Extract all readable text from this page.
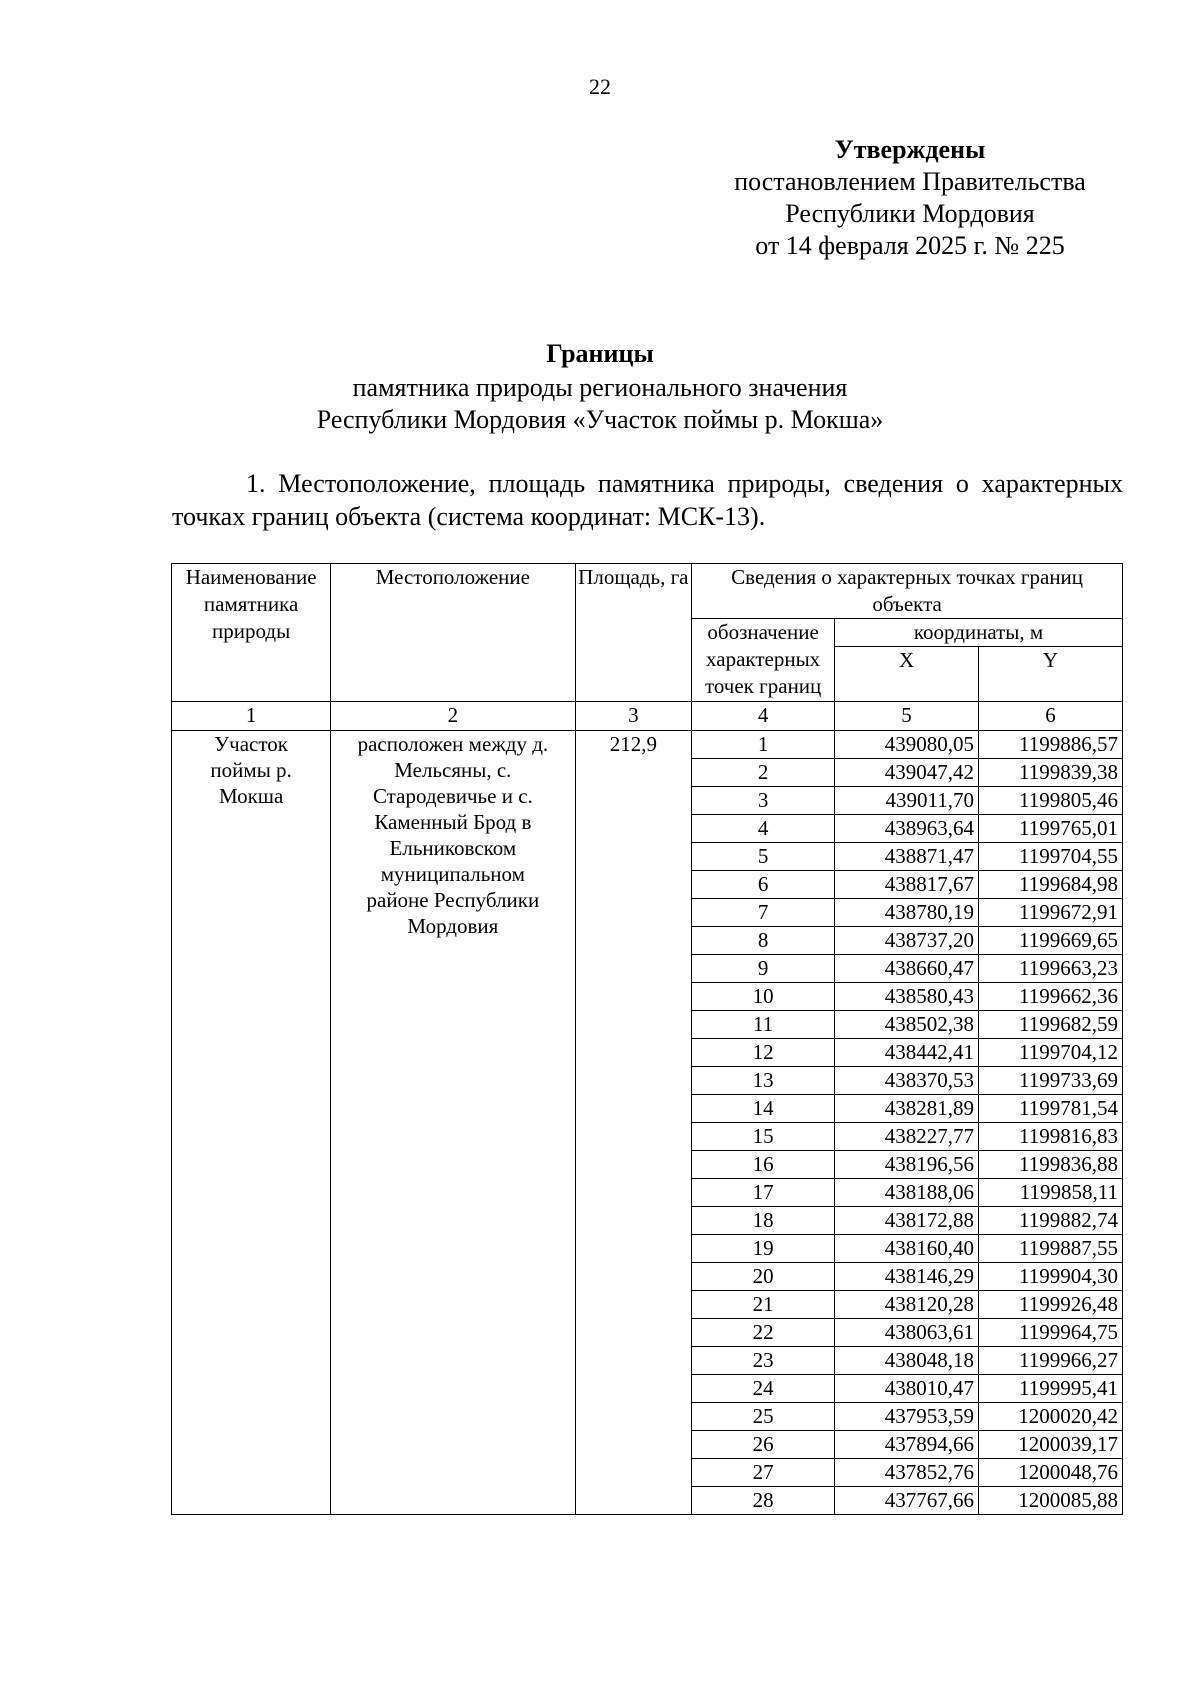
22
Утверждены
постановлением Правительства
Республики Мордовия
от 14 февраля 2025 г. № 225
Границы
памятника природы регионального значения
Республики Мордовия «Участок поймы р. Мокша»
1. Местоположение, площадь памятника природы, сведения о характерных точках границ объекта (система координат: МСК-13).
Наименование памятника природы	Местоположение	Площадь, га	Сведения о характерных точках границ объекта		
			обозначение характерных точек границ	координаты, м	
				X	Y
1	2	3	4	5	6
Участок поймы р. Мокша	расположен между д. Мельсяны, с. Стародевичье и с. Каменный Брод в Ельниковском муниципальном районе Республики Мордовия	212,9	1	439080,05	1199886,57
			2	439047,42	1199839,38
			3	439011,70	1199805,46
			4	438963,64	1199765,01
			5	438871,47	1199704,55
			6	438817,67	1199684,98
			7	438780,19	1199672,91
			8	438737,20	1199669,65
			9	438660,47	1199663,23
			10	438580,43	1199662,36
			11	438502,38	1199682,59
			12	438442,41	1199704,12
			13	438370,53	1199733,69
			14	438281,89	1199781,54
			15	438227,77	1199816,83
			16	438196,56	1199836,88
			17	438188,06	1199858,11
			18	438172,88	1199882,74
			19	438160,40	1199887,55
			20	438146,29	1199904,30
			21	438120,28	1199926,48
			22	438063,61	1199964,75
			23	438048,18	1199966,27
			24	438010,47	1199995,41
			25	437953,59	1200020,42
			26	437894,66	1200039,17
			27	437852,76	1200048,76
			28	437767,66	1200085,88
